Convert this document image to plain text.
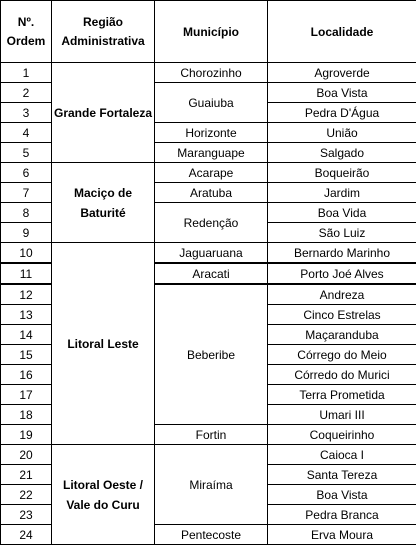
Nº. Ordem	Região Administrativa	Município	Localidade
1	Grande Fortaleza	Chorozinho	Agroverde
2		Guaiuba	Boa Vista
3			Pedra D'Água
4		Horizonte	União
5		Maranguape	Salgado
6	Maciço de Baturité	Acarape	Boqueirão
7		Aratuba	Jardim
8		Redenção	Boa Vida
9			São Luiz
10	Litoral Leste	Jaguaruana	Bernardo Marinho
11		Aracati	Porto Joé Alves
12		Beberibe	Andreza
13			Cinco Estrelas
14			Maçaranduba
15			Córrego do Meio
16			Córredo do Murici
17			Terra Prometida
18			Umari III
19		Fortin	Coqueirinho
20	Litoral Oeste / Vale do Curu	Miraíma	Caioca I
21			Santa Tereza
22			Boa Vista
23			Pedra Branca
24		Pentecoste	Erva Moura
